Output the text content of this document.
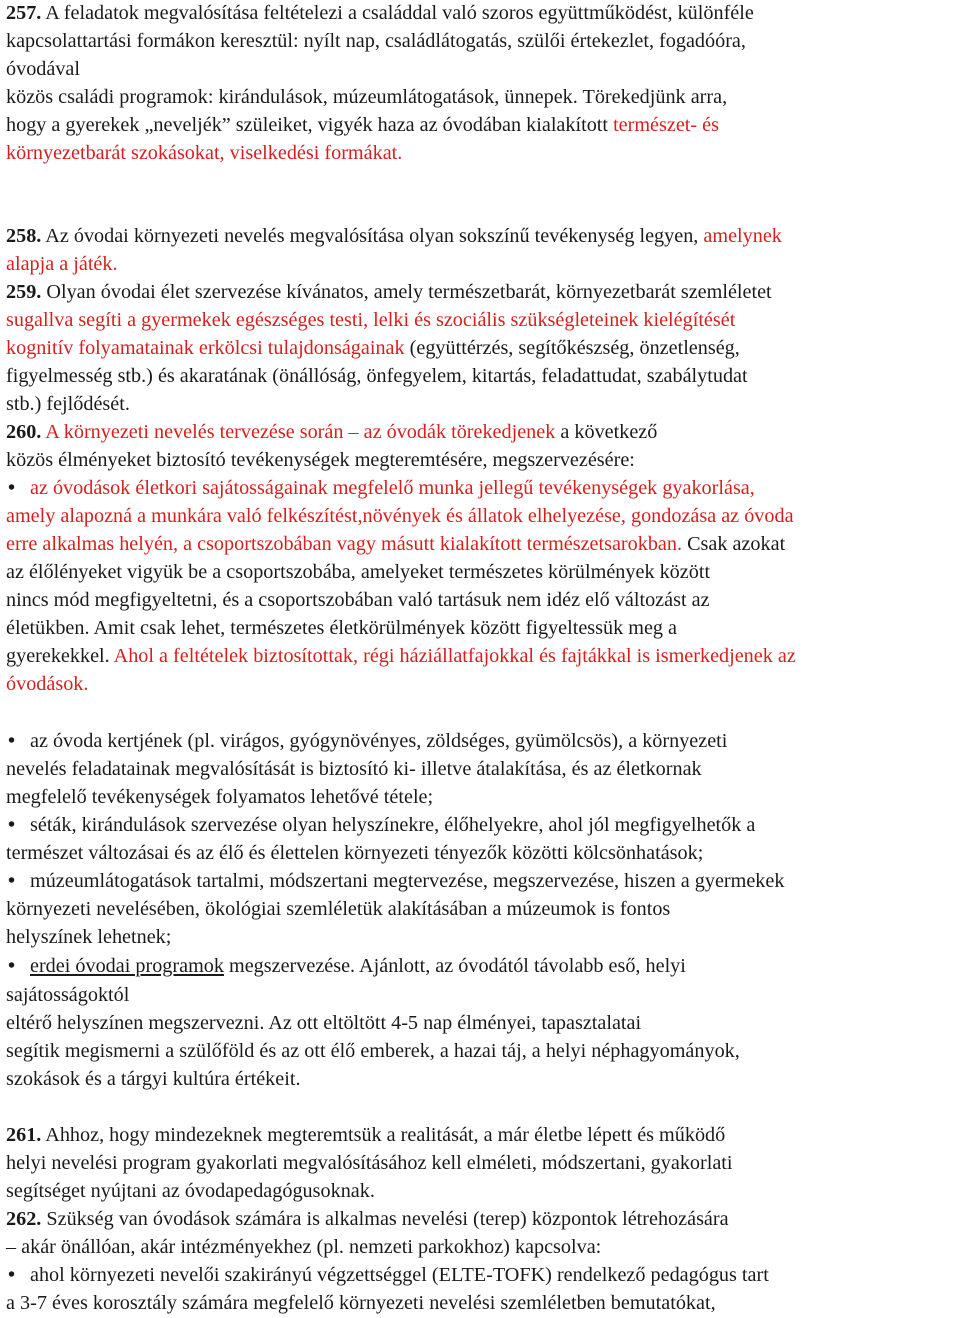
257. A feladatok megvalósítása feltételezi a családdal való szoros együttműködést, különféle
kapcsolattartási formákon keresztül: nyílt nap, családlátogatás, szülői értekezlet, fogadóóra,
óvodával
közös családi programok: kirándulások, múzeumlátogatások, ünnepek. Törekedjünk arra,
hogy a gyerekek „neveljék” szüleiket, vigyék haza az óvodában kialakított természet- és
környezetbarát szokásokat, viselkedési formákat.
258. Az óvodai környezeti nevelés megvalósítása olyan sokszínű tevékenység legyen, amelynek
alapja a játék.
259. Olyan óvodai élet szervezése kívánatos, amely természetbarát, környezetbarát szemléletet
sugallva segíti a gyermekek egészséges testi, lelki és szociális szükségleteinek kielégítését
kognitív folyamatainak erkölcsi tulajdonságainak (együttérzés, segítőkészség, önzetlenség,
figyelmesség stb.) és akaratának (önállóság, önfegyelem, kitartás, feladattudat, szabálytudat
stb.) fejlődését.
260. A környezeti nevelés tervezése során – az óvodák törekedjenek a következő
közös élményeket biztosító tevékenységek megteremtésére, megszervezésére:
• az óvodások életkori sajátosságainak megfelelő munka jellegű tevékenységek gyakorlása,
amely alapozná a munkára való felkészítést,növények és állatok elhelyezése, gondozása az óvoda
erre alkalmas helyén, a csoportszobában vagy másutt kialakított természetsarokban. Csak azokat
az élőlényeket vigyük be a csoportszobába, amelyeket természetes körülmények között
nincs mód megfigyeltetni, és a csoportszobában való tartásuk nem idéz elő változást az
életükben. Amit csak lehet, természetes életkörülmények között figyeltessük meg a
gyerekekkel. Ahol a feltételek biztosítottak, régi háziállatfajokkal és fajtákkal is ismerkedjenek az
óvodások.
• az óvoda kertjének (pl. virágos, gyógynövényes, zöldséges, gyümölcsös), a környezeti
nevelés feladatainak megvalósítását is biztosító ki- illetve átalakítása, és az életkornak
megfelelő tevékenységek folyamatos lehetővé tétele;
• séták, kirándulások szervezése olyan helyszínekre, élőhelyekre, ahol jól megfigyelhetők a
természet változásai és az élő és élettelen környezeti tényezők közötti kölcsönhatások;
• múzeumlátogatások tartalmi, módszertani megtervezése, megszervezése, hiszen a gyermekek
környezeti nevelésében, ökológiai szemléletük alakításában a múzeumok is fontos
helyszínek lehetnek;
• erdei óvodai programok megszervezése. Ajánlott, az óvodától távolabb eső, helyi
sajátosságoktól
eltérő helyszínen megszervezni. Az ott eltöltött 4-5 nap élményei, tapasztalatai
segítik megismerni a szülőföld és az ott élő emberek, a hazai táj, a helyi néphagyományok,
szokások és a tárgyi kultúra értékeit.
261. Ahhoz, hogy mindezeknek megteremtsük a realitását, a már életbe lépett és működő
helyi nevelési program gyakorlati megvalósításához kell elméleti, módszertani, gyakorlati
segítséget nyújtani az óvodapedagógusoknak.
262. Szükség van óvodások számára is alkalmas nevelési (terep) központok létrehozására
– akár önállóan, akár intézményekhez (pl. nemzeti parkokhoz) kapcsolva:
• ahol környezeti nevelői szakirányú végzettséggel (ELTE-TOFK) rendelkező pedagógus tart
a 3-7 éves korosztály számára megfelelő környezeti nevelési szemléletben bemutatókat,
